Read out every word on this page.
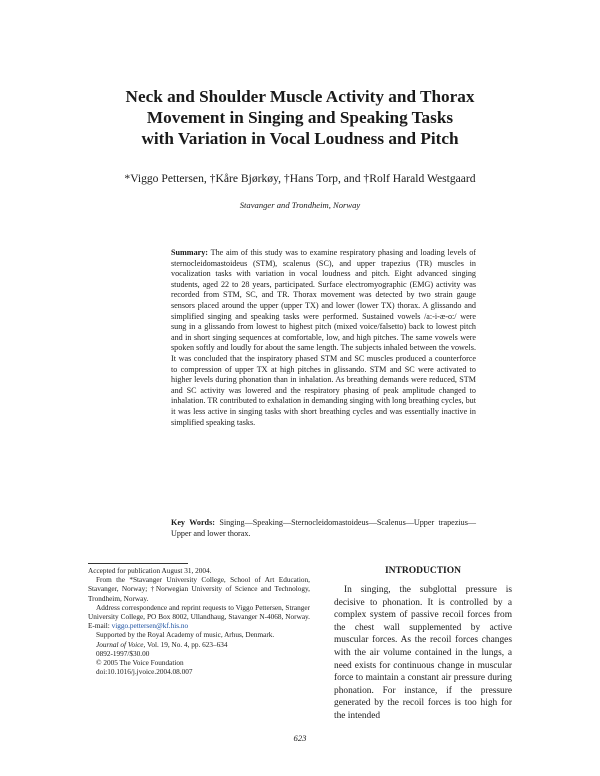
Neck and Shoulder Muscle Activity and Thorax
Movement in Singing and Speaking Tasks
with Variation in Vocal Loudness and Pitch

*Viggo Pettersen, †Kåre Bjørkøy, †Hans Torp, and †Rolf Harald Westgaard

Stavanger and Trondheim, Norway

Summary: The aim of this study was to examine respiratory phasing and loading levels of sternocleidomastoideus (STM), scalenus (SC), and upper trapezius (TR) muscles in vocalization tasks with variation in vocal loudness and pitch. Eight advanced singing students, aged 22 to 28 years, participated. Surface electromyographic (EMG) activity was recorded from STM, SC, and TR. Thorax movement was detected by two strain gauge sensors placed around the upper (upper TX) and lower (lower TX) thorax. A glissando and simplified singing and speaking tasks were performed. Sustained vowels /a:-i-æ-o:/ were sung in a glissando from lowest to highest pitch (mixed voice/falsetto) back to lowest pitch and in short singing sequences at comfortable, low, and high pitches. The same vowels were spoken softly and loudly for about the same length. The subjects inhaled between the vowels. It was concluded that the inspiratory phased STM and SC muscles produced a counterforce to compression of upper TX at high pitches in glissando. STM and SC were activated to higher levels during phonation than in inhalation. As breathing demands were reduced, STM and SC activity was lowered and the respiratory phasing of peak amplitude changed to inhalation. TR contributed to exhalation in demanding singing with long breathing cycles, but it was less active in singing tasks with short breathing cycles and was essentially inactive in simplified speaking tasks.

Key Words: Singing—Speaking—Sternocleidomastoideus—Scalenus—Upper trapezius—Upper and lower thorax.

Accepted for publication August 31, 2004.

From the *Stavanger University College, School of Art Education, Stavanger, Norway; †Norwegian University of Science and Technology, Trondheim, Norway.

Address correspondence and reprint requests to Viggo Pettersen, Stranger University College, PO Box 8002, Ullandhaug, Stavanger N-4068, Norway. E-mail: viggo.pettersen@kf.his.no

Supported by the Royal Academy of music, Arhus, Denmark.

Journal of Voice, Vol. 19, No. 4, pp. 623–634

0892-1997/$30.00

© 2005 The Voice Foundation

doi:10.1016/j.jvoice.2004.08.007

INTRODUCTION

In singing, the subglottal pressure is decisive to phonation. It is controlled by a complex system of passive recoil forces from the chest wall supplemented by active muscular forces. As the recoil forces changes with the air volume contained in the lungs, a need exists for continuous change in muscular force to maintain a constant air pressure during phonation. For instance, if the pressure generated by the recoil forces is too high for the intended

623
